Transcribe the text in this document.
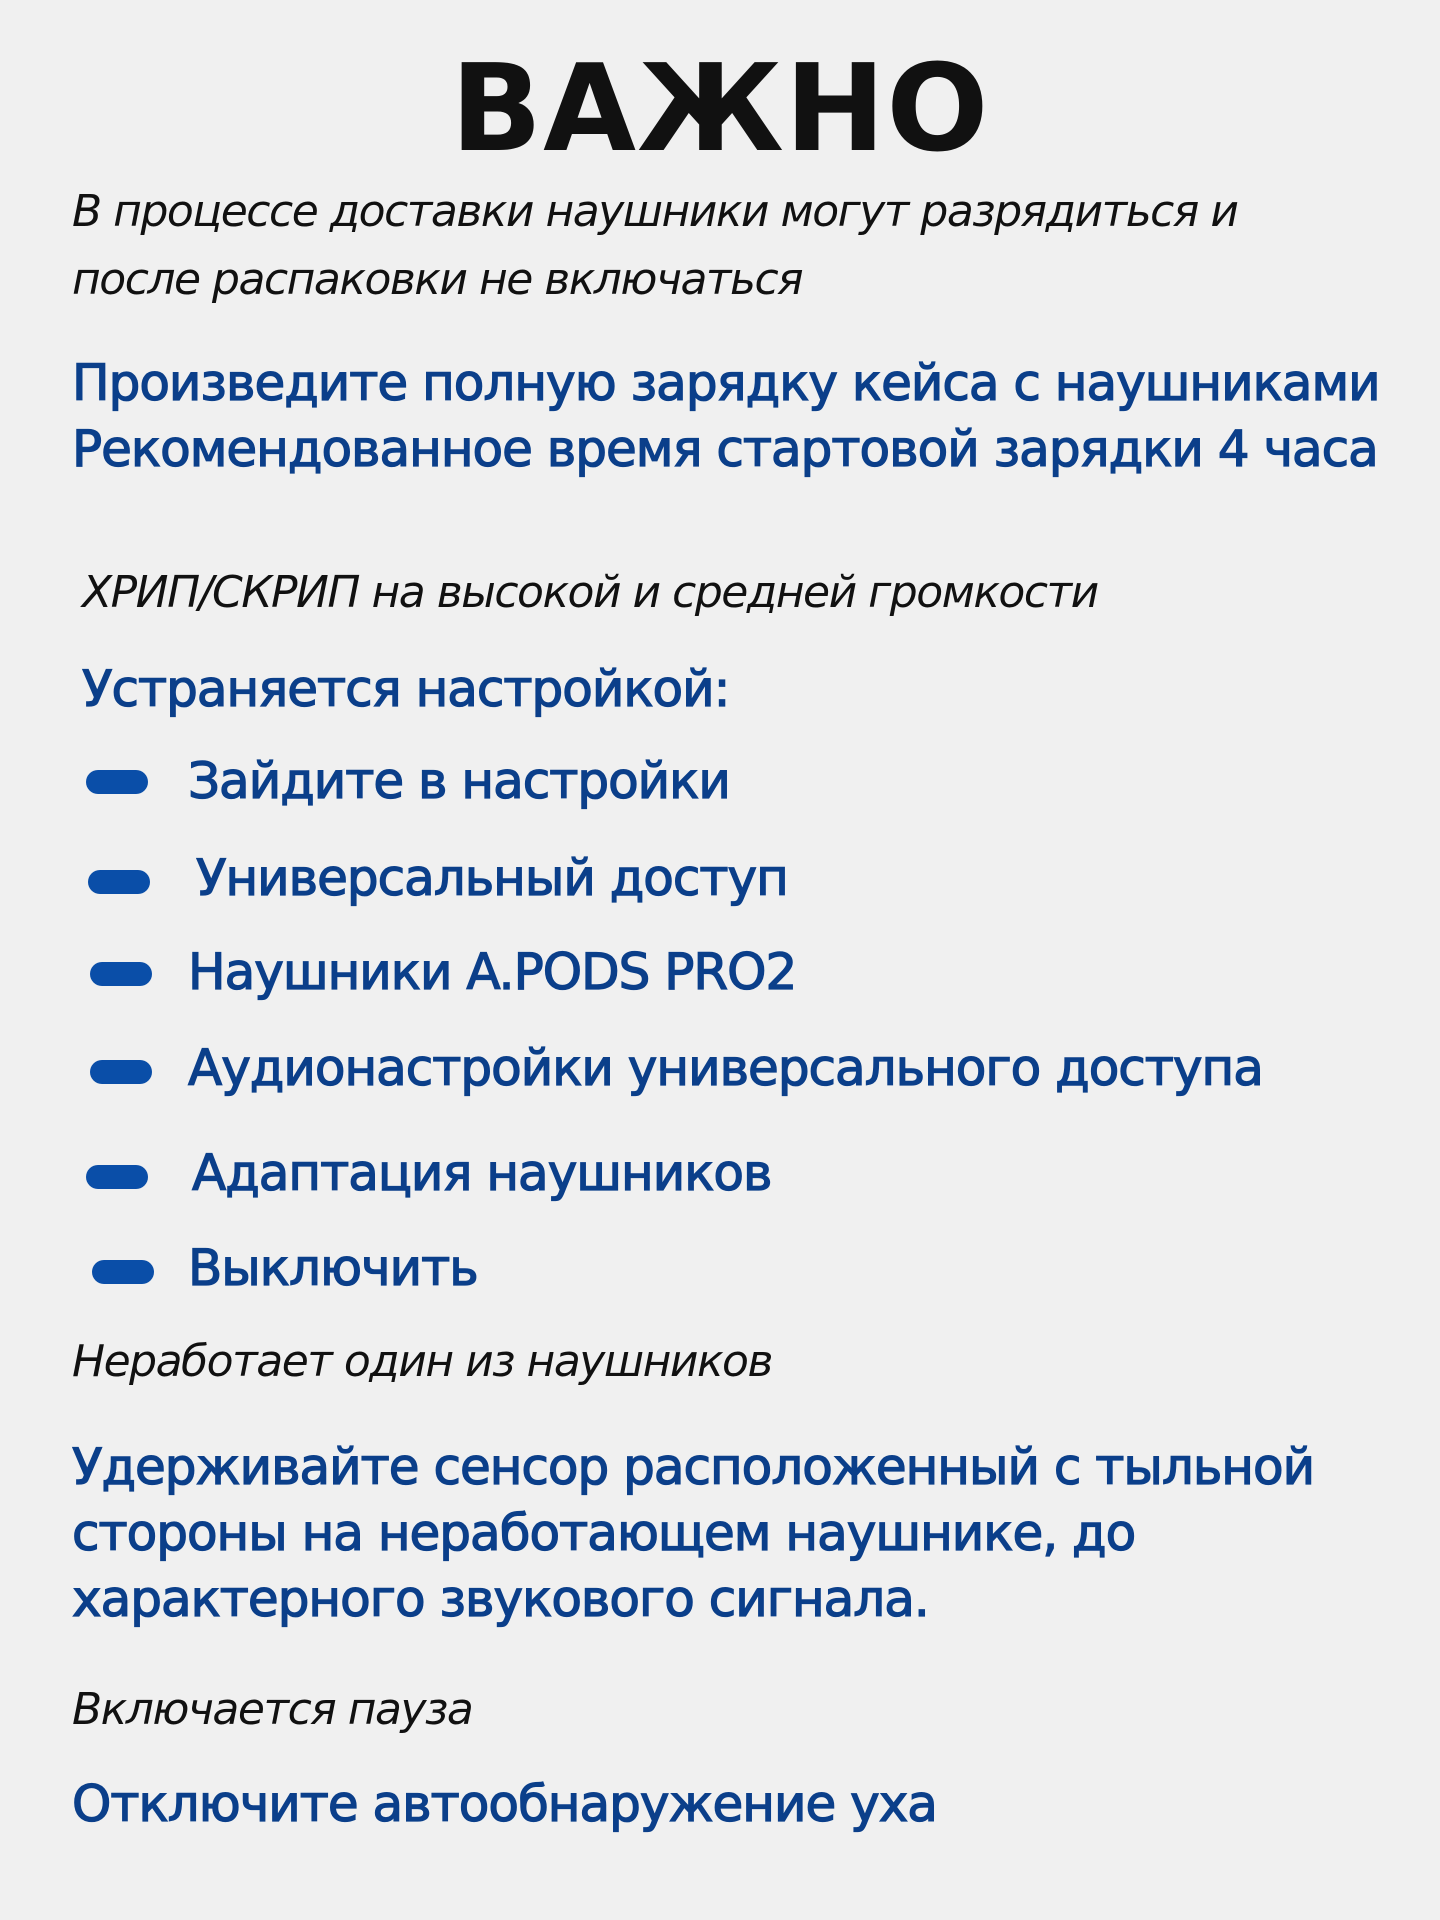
ВАЖНО

В процессе доставки наушники могут разрядиться и

после распаковки не включаться

Произведите полную зарядку кейса с наушниками

Рекомендованное время стартовой зарядки 4 часа

ХРИП/СКРИП на высокой и средней громкости

Устраняется настройкой:

Зайдите в настройки

Универсальный доступ

Наушники A.PODS PRO2

Аудионастройки универсального доступа

Адаптация наушников

Выключить

Неработает один из наушников

Удерживайте сенсор расположенный с тыльной

стороны на неработающем наушнике, до

характерного звукового сигнала.

Включается пауза

Отключите автообнаружение уха
